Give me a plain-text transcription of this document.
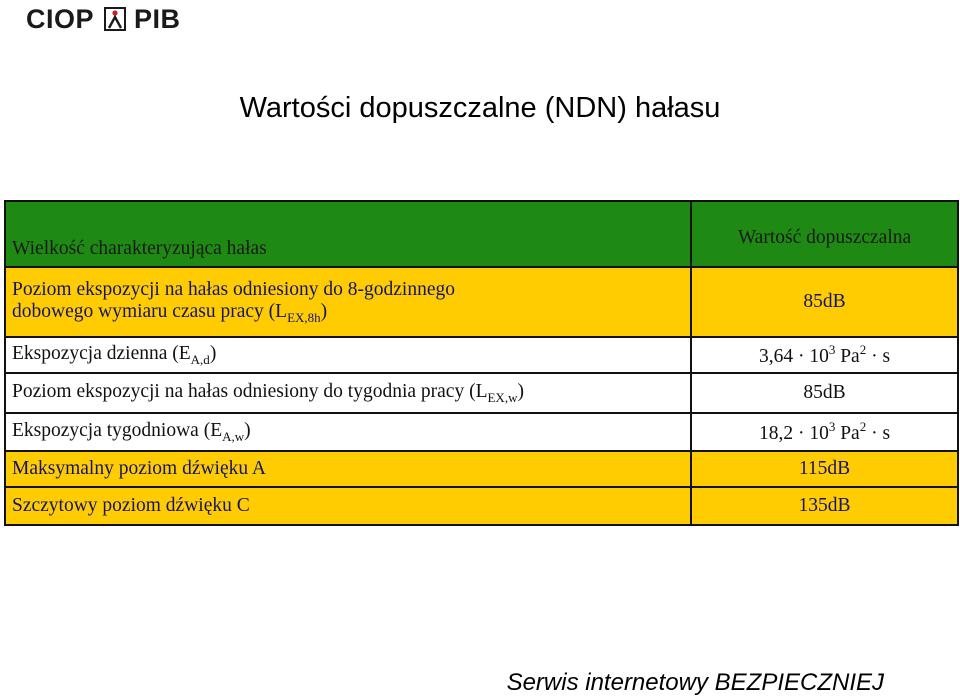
CIOP PIB
Wartości dopuszczalne (NDN) hałasu
Wielkość charakteryzująca hałas	Wartość dopuszczalna

Poziom ekspozycji na hałas odniesiony do 8-godzinnego
dobowego wymiaru czasu pracy $(L_{EX,8h})$	85dB
Ekspozycja dzienna $(E_{A,d})$	$3,64 \cdot 10^3$ $Pa^2 \cdot s$
Poziom ekspozycji na hałas odniesiony do tygodnia pracy $(L_{EX,w})$	85dB
Ekspozycja tygodniowa $(E_{A,w})$	$18,2 \cdot 10^3$ $Pa^2 \cdot s$
Maksymalny poziom dźwięku A	115dB
Szczytowy poziom dźwięku C	135dB
Serwis internetowy BEZPIECZNIEJ
